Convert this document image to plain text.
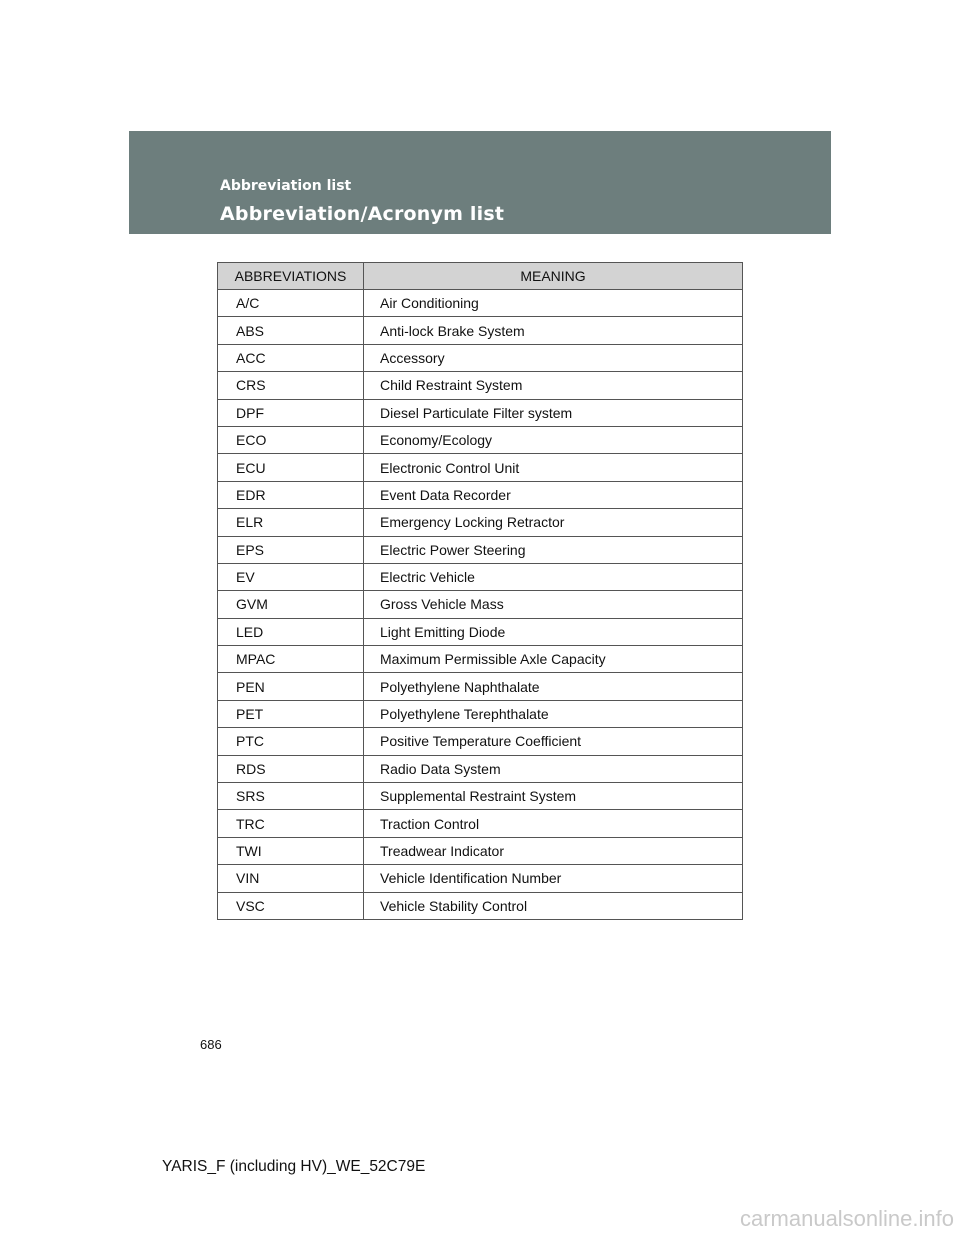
Abbreviation list
Abbreviation/Acronym list
ABBREVIATIONS	MEANING
A/C	Air Conditioning
ABS	Anti-lock Brake System
ACC	Accessory
CRS	Child Restraint System
DPF	Diesel Particulate Filter system
ECO	Economy/Ecology
ECU	Electronic Control Unit
EDR	Event Data Recorder
ELR	Emergency Locking Retractor
EPS	Electric Power Steering
EV	Electric Vehicle
GVM	Gross Vehicle Mass
LED	Light Emitting Diode
MPAC	Maximum Permissible Axle Capacity
PEN	Polyethylene Naphthalate
PET	Polyethylene Terephthalate
PTC	Positive Temperature Coefficient
RDS	Radio Data System
SRS	Supplemental Restraint System
TRC	Traction Control
TWI	Treadwear Indicator
VIN	Vehicle Identification Number
VSC	Vehicle Stability Control
686
YARIS_F (including HV)_WE_52C79E
carmanualsonline.info
